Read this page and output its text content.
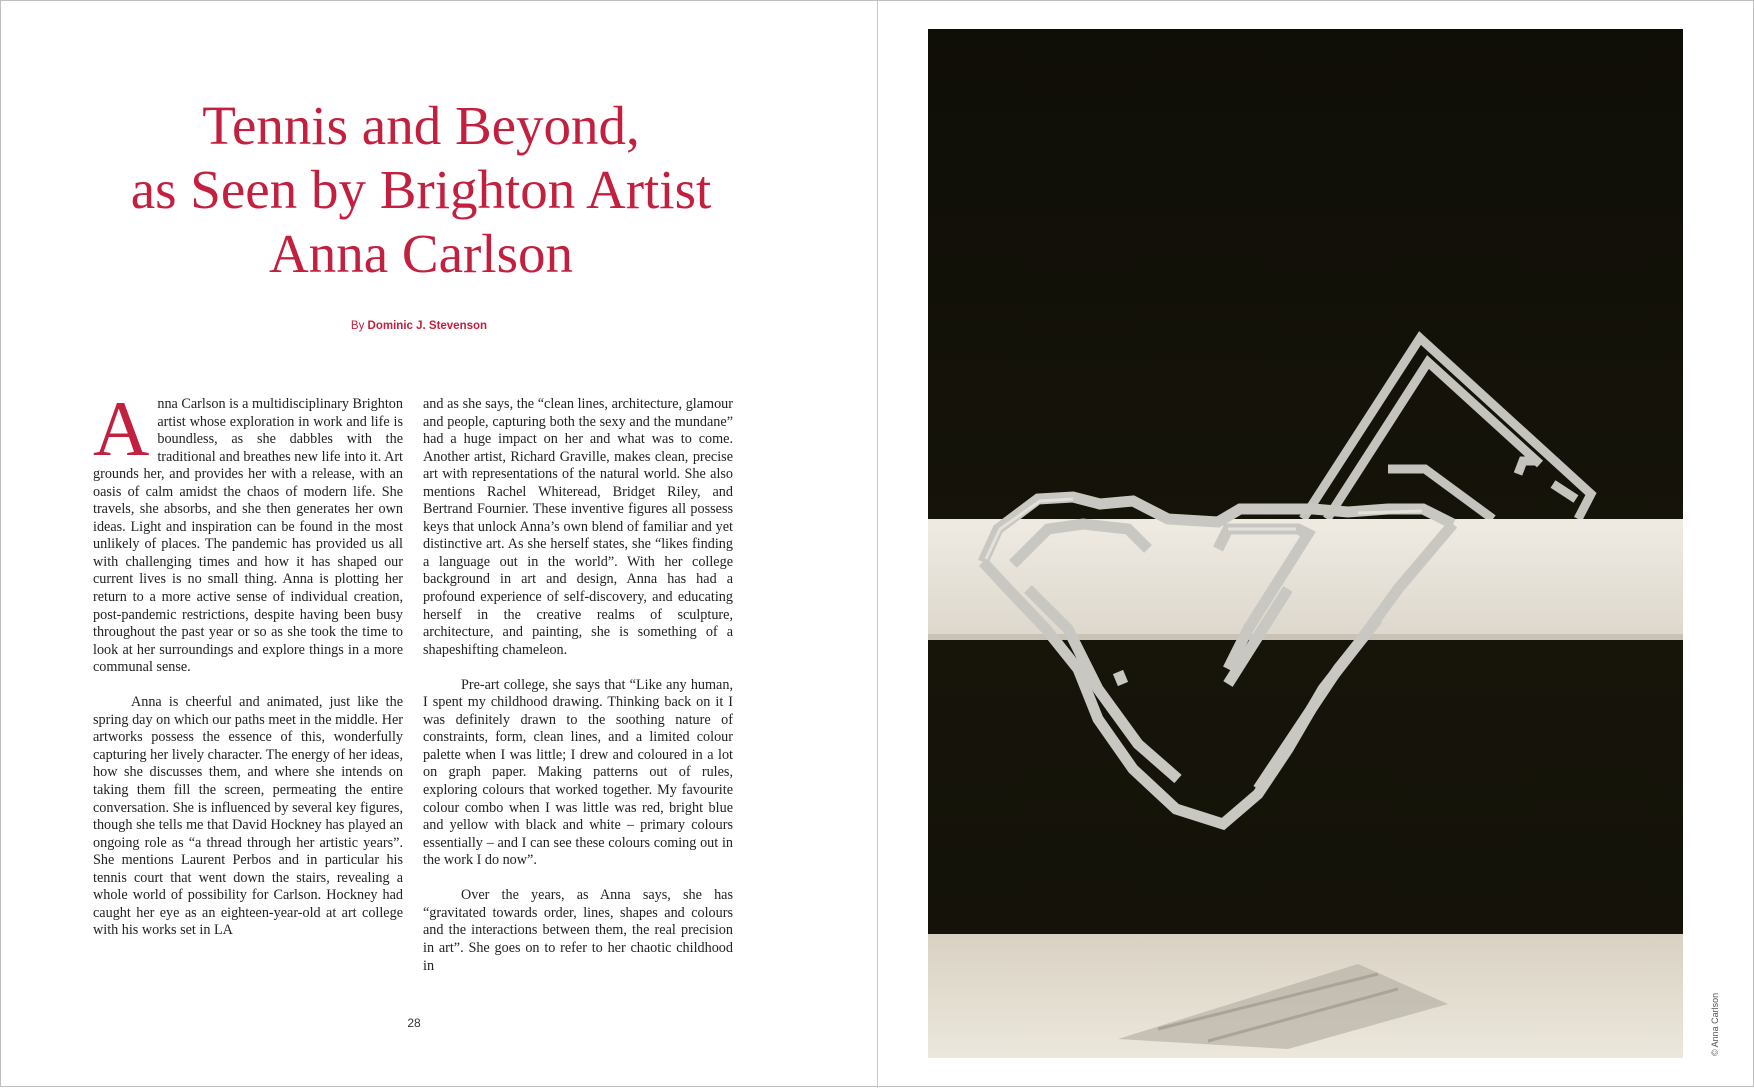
Tennis and Beyond,
as Seen by Brighton Artist
Anna Carlson
By Dominic J. Stevenson

Anna Carlson is a multidisciplinary Brighton artist whose exploration in work and life is boundless, as she dabbles with the traditional and breathes new life into it. Art grounds her, and provides her with a release, with an oasis of calm amidst the chaos of modern life. She travels, she absorbs, and she then generates her own ideas. Light and inspiration can be found in the most unlikely of places. The pandemic has provided us all with challenging times and how it has shaped our current lives is no small thing. Anna is plotting her return to a more active sense of individual creation, post-pandemic restrictions, despite having been busy throughout the past year or so as she took the time to look at her surroundings and explore things in a more communal sense.

Anna is cheerful and animated, just like the spring day on which our paths meet in the middle. Her artworks possess the essence of this, wonderfully capturing her lively character. The energy of her ideas, how she discusses them, and where she intends on taking them fill the screen, permeating the entire conversation. She is influenced by several key figures, though she tells me that David Hockney has played an ongoing role as “a thread through her artistic years”. She mentions Laurent Perbos and in particular his tennis court that went down the stairs, revealing a whole world of possibility for Carlson. Hockney had caught her eye as an eighteen-year-old at art college with his works set in LA

and as she says, the “clean lines, architecture, glamour and people, capturing both the sexy and the mundane” had a huge impact on her and what was to come. Another artist, Richard Graville, makes clean, precise art with representations of the natural world. She also mentions Rachel Whiteread, Bridget Riley, and Bertrand Fournier. These inventive figures all possess keys that unlock Anna’s own blend of familiar and yet distinctive art. As she herself states, she “likes finding a language out in the world”. With her college background in art and design, Anna has had a profound experience of self-discovery, and educating herself in the creative realms of sculpture, architecture, and painting, she is something of a shapeshifting chameleon.

Pre-art college, she says that “Like any human, I spent my childhood drawing. Thinking back on it I was definitely drawn to the soothing nature of constraints, form, clean lines, and a limited colour palette when I was little; I drew and coloured in a lot on graph paper. Making patterns out of rules, exploring colours that worked together. My favourite colour combo when I was little was red, bright blue and yellow with black and white – primary colours essentially – and I can see these colours coming out in the work I do now”.

Over the years, as Anna says, she has “gravitated towards order, lines, shapes and colours and the interactions between them, the real precision in art”. She goes on to refer to her chaotic childhood in

28	© Anna Carlson
